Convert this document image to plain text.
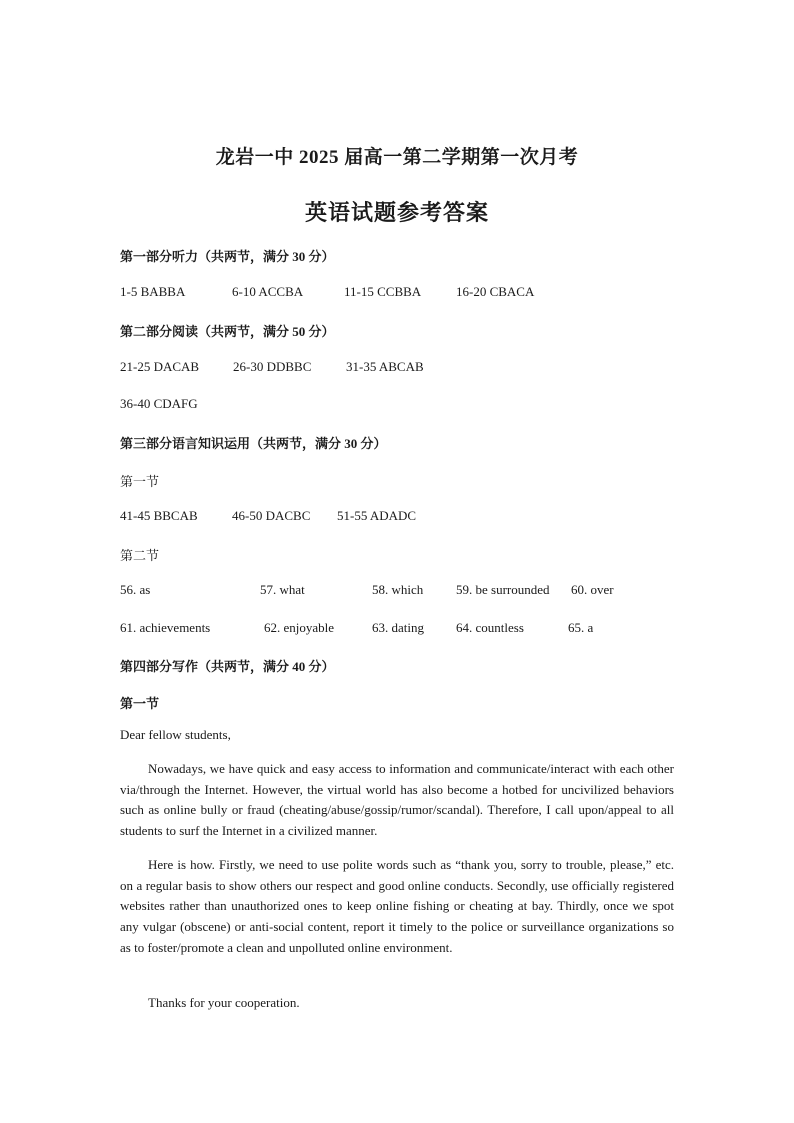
龙岩一中 2025 届高一第二学期第一次月考
英语试题参考答案
第一部分听力（共两节，满分 30 分）
1-5 BABBA	6-10 ACCBA	11-15 CCBBA	16-20 CBACA
第二部分阅读（共两节，满分 50 分）
21-25 DACAB	26-30 DDBBC	31-35 ABCAB
36-40 CDAFG
第三部分语言知识运用（共两节，满分 30 分）
第一节
41-45 BBCAB	46-50 DACBC 51-55 ADADC
第二节
56. as	57. what	58. which	59. be surrounded 60. over
61. achievements	62. enjoyable	63. dating 64. countless	65. a
第四部分写作（共两节，满分 40 分）
第一节
Dear fellow students,
Nowadays, we have quick and easy access to information and communicate/interact with each other via/through the Internet. However, the virtual world has also become a hotbed for uncivilized behaviors such as online bully or fraud (cheating/abuse/gossip/rumor/scandal). Therefore, I call upon/appeal to all students to surf the Internet in a civilized manner.
Here is how. Firstly, we need to use polite words such as “thank you, sorry to trouble, please,” etc. on a regular basis to show others our respect and good online conducts. Secondly, use officially registered websites rather than unauthorized ones to keep online fishing or cheating at bay. Thirdly, once we spot any vulgar (obscene) or anti-social content, report it timely to the police or surveillance organizations so as to foster/promote a clean and unpolluted online environment.
Thanks for your cooperation.
